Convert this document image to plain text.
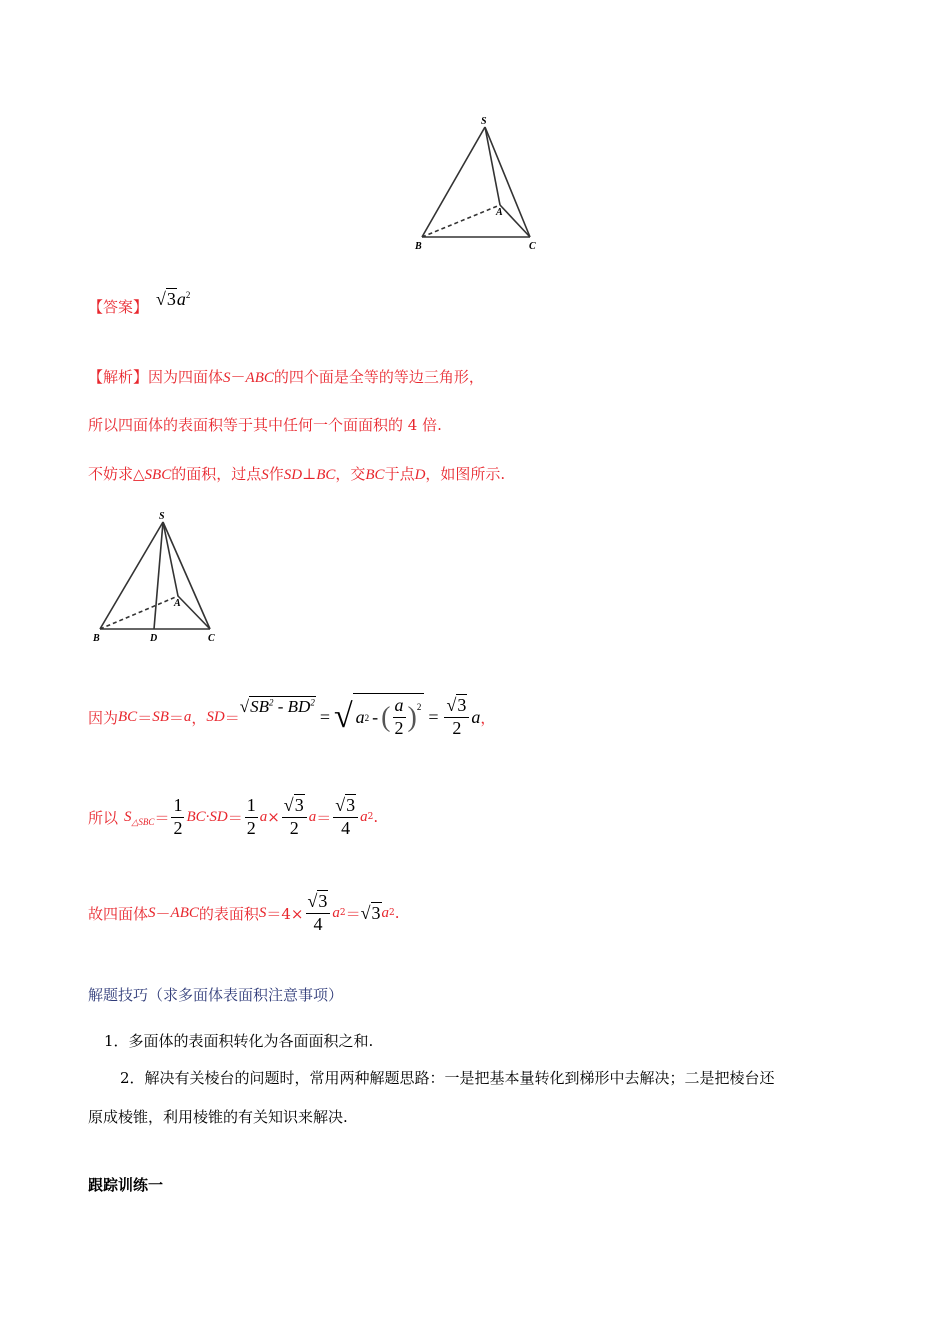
S
A
B	C
【答案】 $√3a^2$
【解析】因为四面体S－ABC的四个面是全等的等边三角形，
所以四面体的表面积等于其中任何一个面面积的 4 倍.
不妨求△SBC的面积，过点S作SD⊥BC，交BC于点D，如图所示.
S
A
B	D	C
因为 BC ＝ SB ＝ a ， SD ＝
$√SB^2 - BD^2$
= √ a 2 - ( $\frac{a}{2} )^2 = \frac{√3}{2}$ a ，
所以 S △SBC ＝ $\frac{1}{2} BC\cdot SD = \frac{1}{2}$ $a \times \frac{√3}{2}$ $a = \frac{√3}{4}$ a 2 .
故四面体 S － ABC 的表面积 $S =4\times \frac{√3}{4}$ a 2 ＝ √3 a 2 .
解题技巧（求多面体表面积注意事项）
1．多面体的表面积转化为各面面积之和.
2．解决有关棱台的问题时，常用两种解题思路：一是把基本量转化到梯形中去解决；二是把棱台还
原成棱锥，利用棱锥的有关知识来解决.
跟踪训练一
